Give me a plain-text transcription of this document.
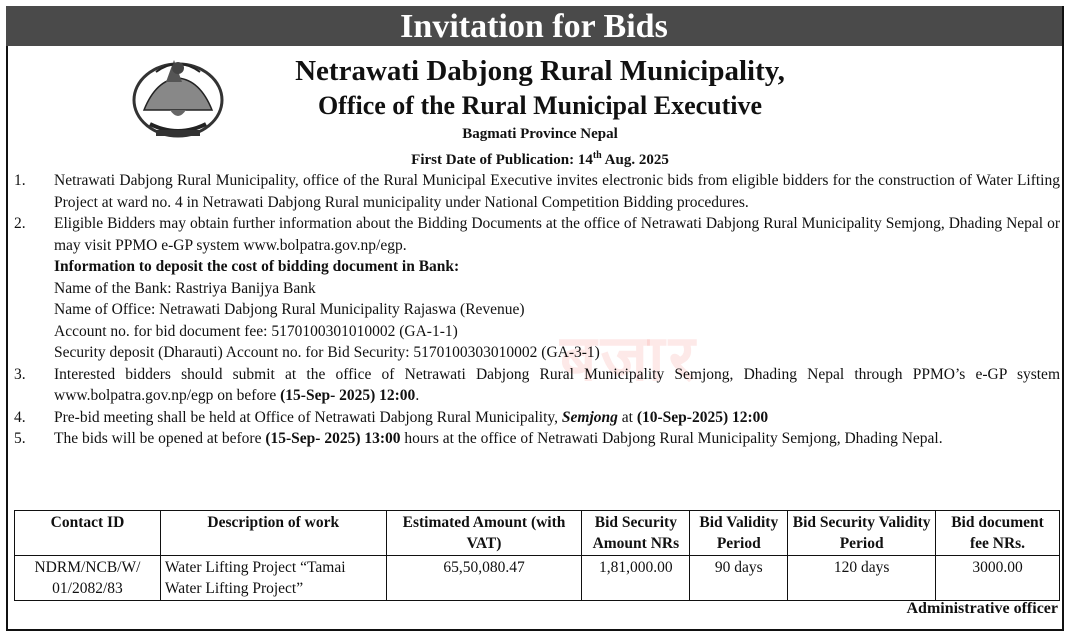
Invitation for Bids
Netrawati Dabjong Rural Municipality,
Office of the Rural Municipal Executive
Bagmati Province Nepal
First Date of Publication: 14th Aug. 2025
बजार
1.	Netrawati Dabjong Rural Municipality, office of the Rural Municipal Executive invites electronic bids from eligible bidders for the construction of Water Lifting Project at ward no. 4 in Netrawati Dabjong Rural municipality under National Competition Bidding procedures.
2.	Eligible Bidders may obtain further information about the Bidding Documents at the office of Netrawati Dabjong Rural Municipality Semjong, Dhading Nepal or may visit PPMO e-GP system www.bolpatra.gov.np/egp.
Information to deposit the cost of bidding document in Bank:
Name of the Bank: Rastriya Banijya Bank
Name of Office: Netrawati Dabjong Rural Municipality Rajaswa (Revenue)
Account no. for bid document fee: 5170100301010002 (GA-1-1)
Security deposit (Dharauti) Account no. for Bid Security: 5170100303010002 (GA-3-1)
3.	Interested bidders should submit at the office of Netrawati Dabjong Rural Municipality Semjong, Dhading Nepal through PPMO’s e-GP system www.bolpatra.gov.np/egp on before (15-Sep- 2025) 12:00.
4.	Pre-bid meeting shall be held at Office of Netrawati Dabjong Rural Municipality, Semjong at (10-Sep-2025) 12:00
5.	The bids will be opened at before (15-Sep- 2025) 13:00 hours at the office of Netrawati Dabjong Rural Municipality Semjong, Dhading Nepal.
Contact ID	Description of work	Estimated Amount (with VAT)	Bid Security Amount NRs	Bid Validity Period	Bid Security Validity Period	Bid document fee NRs.
NDRM/NCB/W/ 01/2082/83	Water Lifting Project “Tamai Water Lifting Project”	65,50,080.47	1,81,000.00	90 days	120 days	3000.00
Administrative officer
